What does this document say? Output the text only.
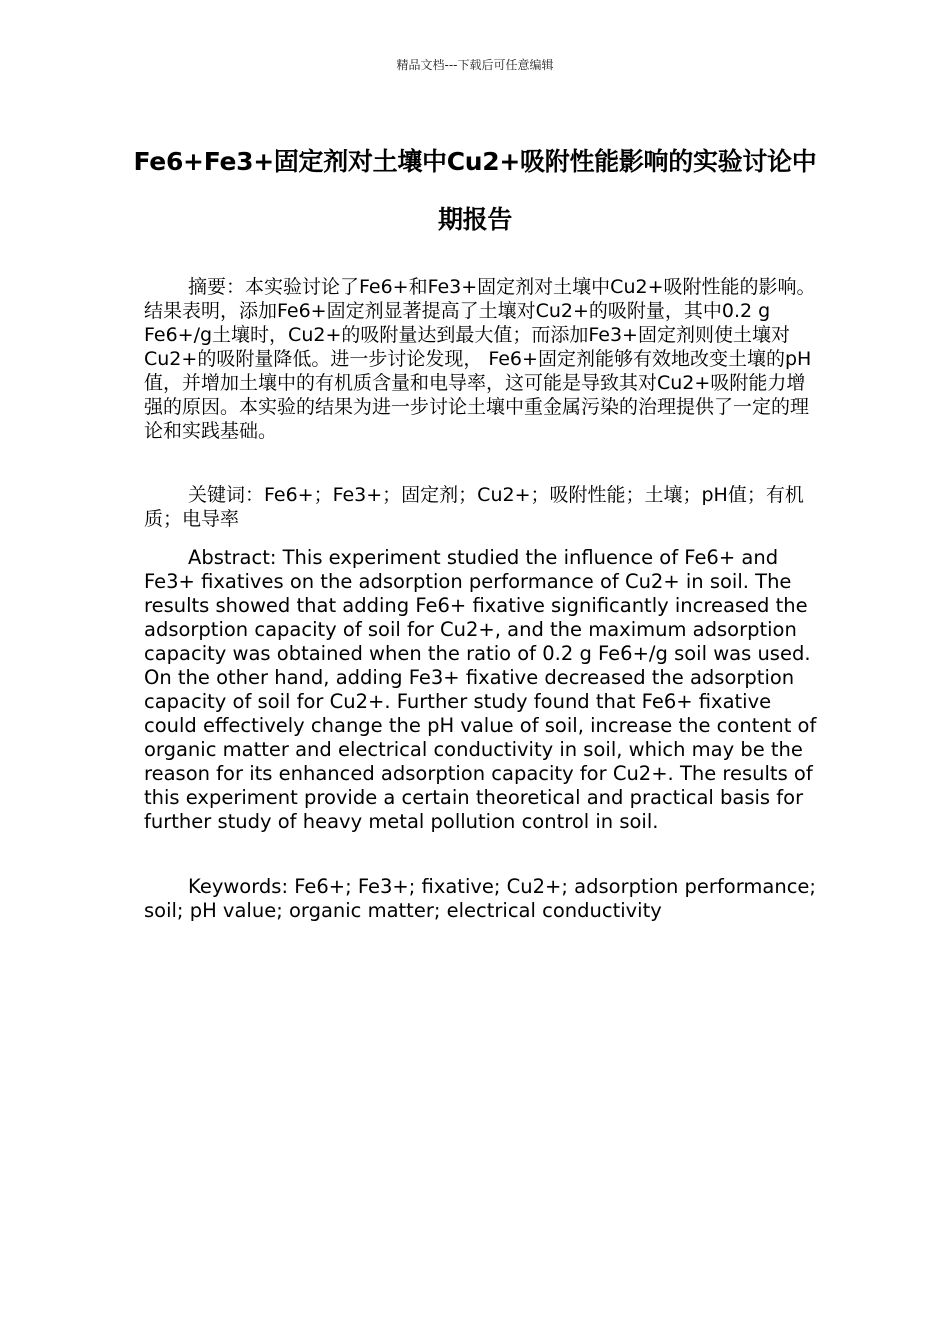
精品文档---下载后可任意编辑
Fe6+Fe3+固定剂对土壤中Cu2+吸附性能影响的实验讨论中期报告

摘要：本实验讨论了Fe6+和Fe3+固定剂对土壤中Cu2+吸附性能的影响。结果表明，添加Fe6+固定剂显著提高了土壤对Cu2+的吸附量，其中0.2 g Fe6+/g土壤时，Cu2+的吸附量达到最大值；而添加Fe3+固定剂则使土壤对Cu2+的吸附量降低。进一步讨论发现， Fe6+固定剂能够有效地改变土壤的pH值，并增加土壤中的有机质含量和电导率，这可能是导致其对Cu2+吸附能力增强的原因。本实验的结果为进一步讨论土壤中重金属污染的治理提供了一定的理论和实践基础。

关键词：Fe6+；Fe3+；固定剂；Cu2+；吸附性能；土壤；pH值；有机质；电导率

Abstract: This experiment studied the influence of Fe6+ and Fe3+ fixatives on the adsorption performance of Cu2+ in soil. The results showed that adding Fe6+ fixative significantly increased the adsorption capacity of soil for Cu2+, and the maximum adsorption capacity was obtained when the ratio of 0.2 g Fe6+/g soil was used. On the other hand, adding Fe3+ fixative decreased the adsorption capacity of soil for Cu2+. Further study found that Fe6+ fixative could effectively change the pH value of soil, increase the content of organic matter and electrical conductivity in soil, which may be the reason for its enhanced adsorption capacity for Cu2+. The results of this experiment provide a certain theoretical and practical basis for further study of heavy metal pollution control in soil.

Keywords: Fe6+; Fe3+; fixative; Cu2+; adsorption performance; soil; pH value; organic matter; electrical conductivity
